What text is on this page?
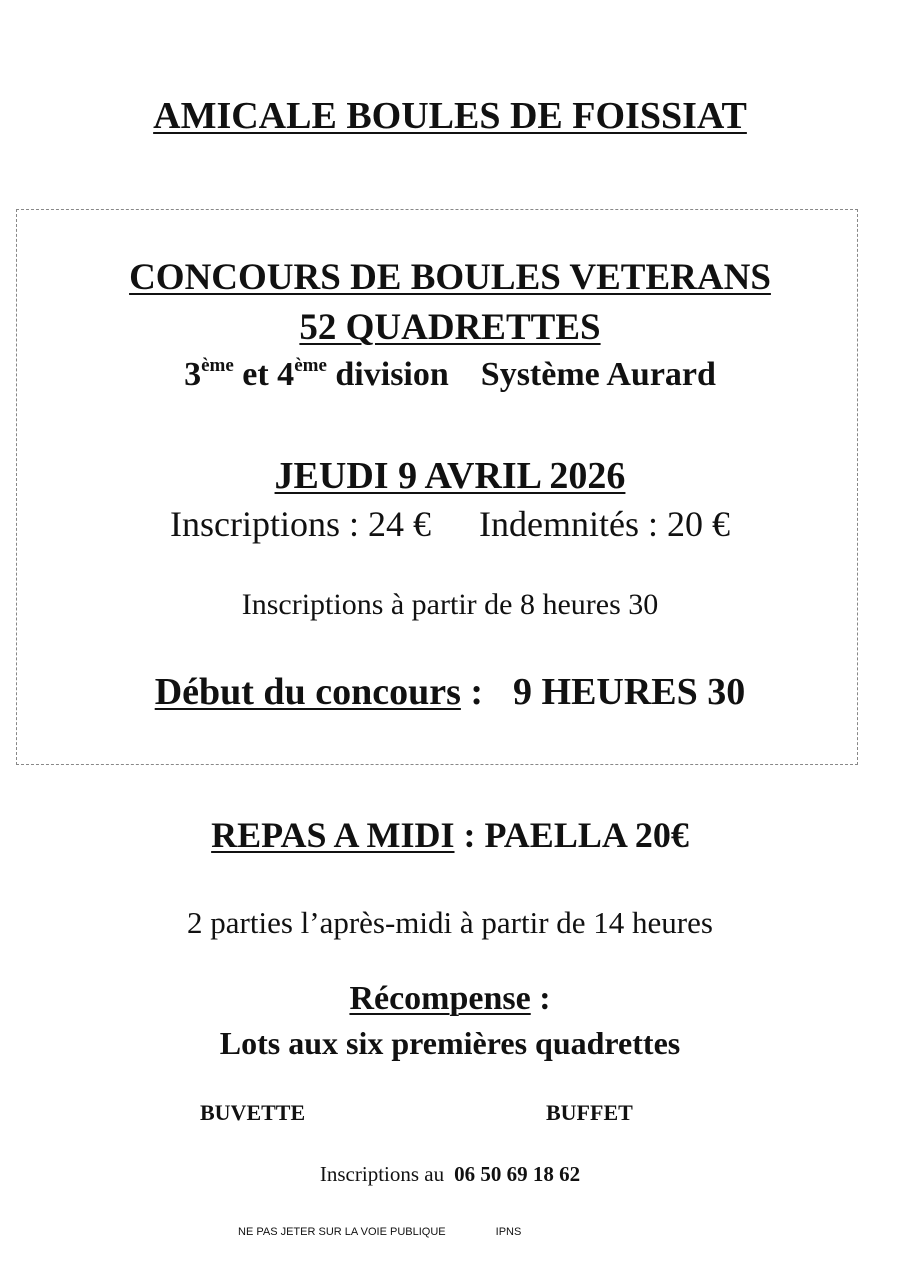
AMICALE BOULES DE FOISSIAT
CONCOURS DE BOULES VETERANS
52 QUADRETTES
3ème et 4ème division Système Aurard
JEUDI 9 AVRIL 2026
Inscriptions : 24 € Indemnités : 20 €
Inscriptions à partir de 8 heures 30
Début du concours : 9 HEURES 30
REPAS A MIDI : PAELLA 20€
2 parties l’après-midi à partir de 14 heures
Récompense :
Lots aux six premières quadrettes
BUVETTE	BUFFET
Inscriptions au 06 50 69 18 62
NE PAS JETER SUR LA VOIE PUBLIQUE	IPNS
